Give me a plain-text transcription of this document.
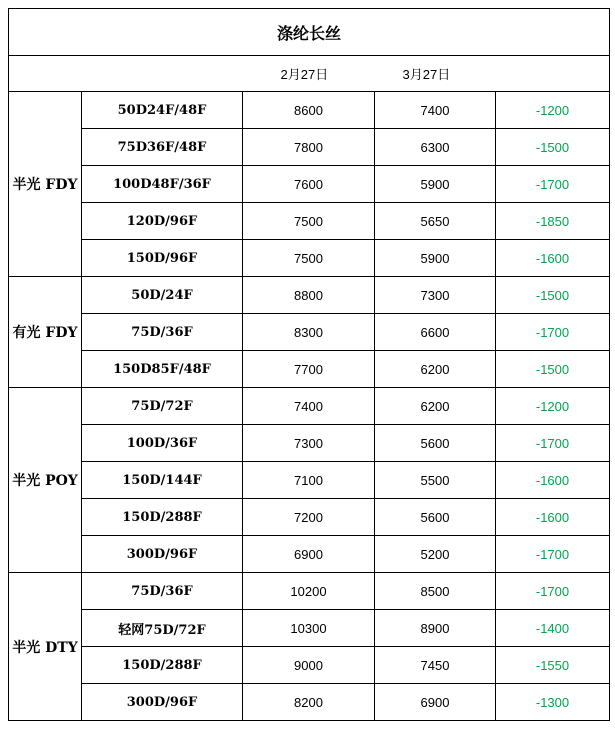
涤纶长丝				
		2月27日	3月27日	
半光 FDY	50D24F/48F	8600	7400	-1200
	75D36F/48F	7800	6300	-1500
	100D48F/36F	7600	5900	-1700
	120D/96F	7500	5650	-1850
	150D/96F	7500	5900	-1600
有光 FDY	50D/24F	8800	7300	-1500
	75D/36F	8300	6600	-1700
	150D85F/48F	7700	6200	-1500
半光 POY	75D/72F	7400	6200	-1200
	100D/36F	7300	5600	-1700
	150D/144F	7100	5500	-1600
	150D/288F	7200	5600	-1600
	300D/96F	6900	5200	-1700
半光 DTY	75D/36F	10200	8500	-1700
	轻网75D/72F	10300	8900	-1400
	150D/288F	9000	7450	-1550
	300D/96F	8200	6900	-1300
